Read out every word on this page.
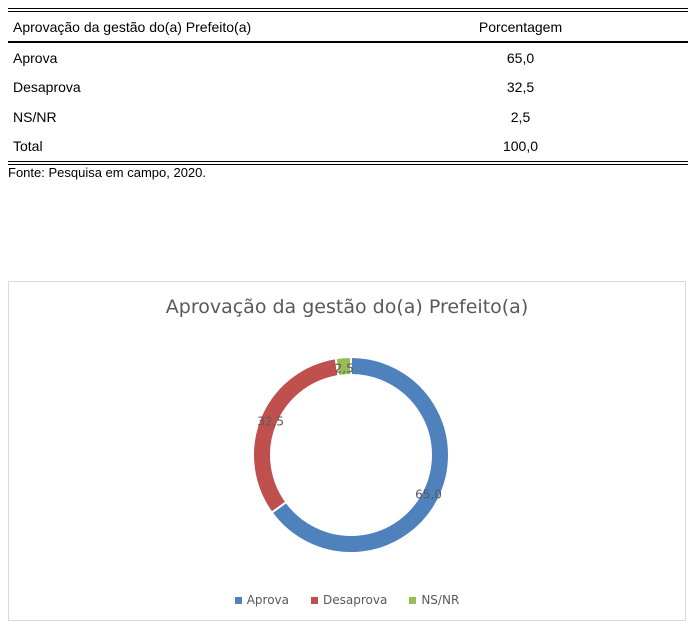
Aprovação da gestão do(a) Prefeito(a)	Porcentagem
Aprova	65,0
Desaprova	32,5
NS/NR	2,5
Total	100,0
Fonte: Pesquisa em campo, 2020.
Aprovação da gestão do(a) Prefeito(a)
65,0
32,5
2,5
Aprova	Desaprova	NS/NR
